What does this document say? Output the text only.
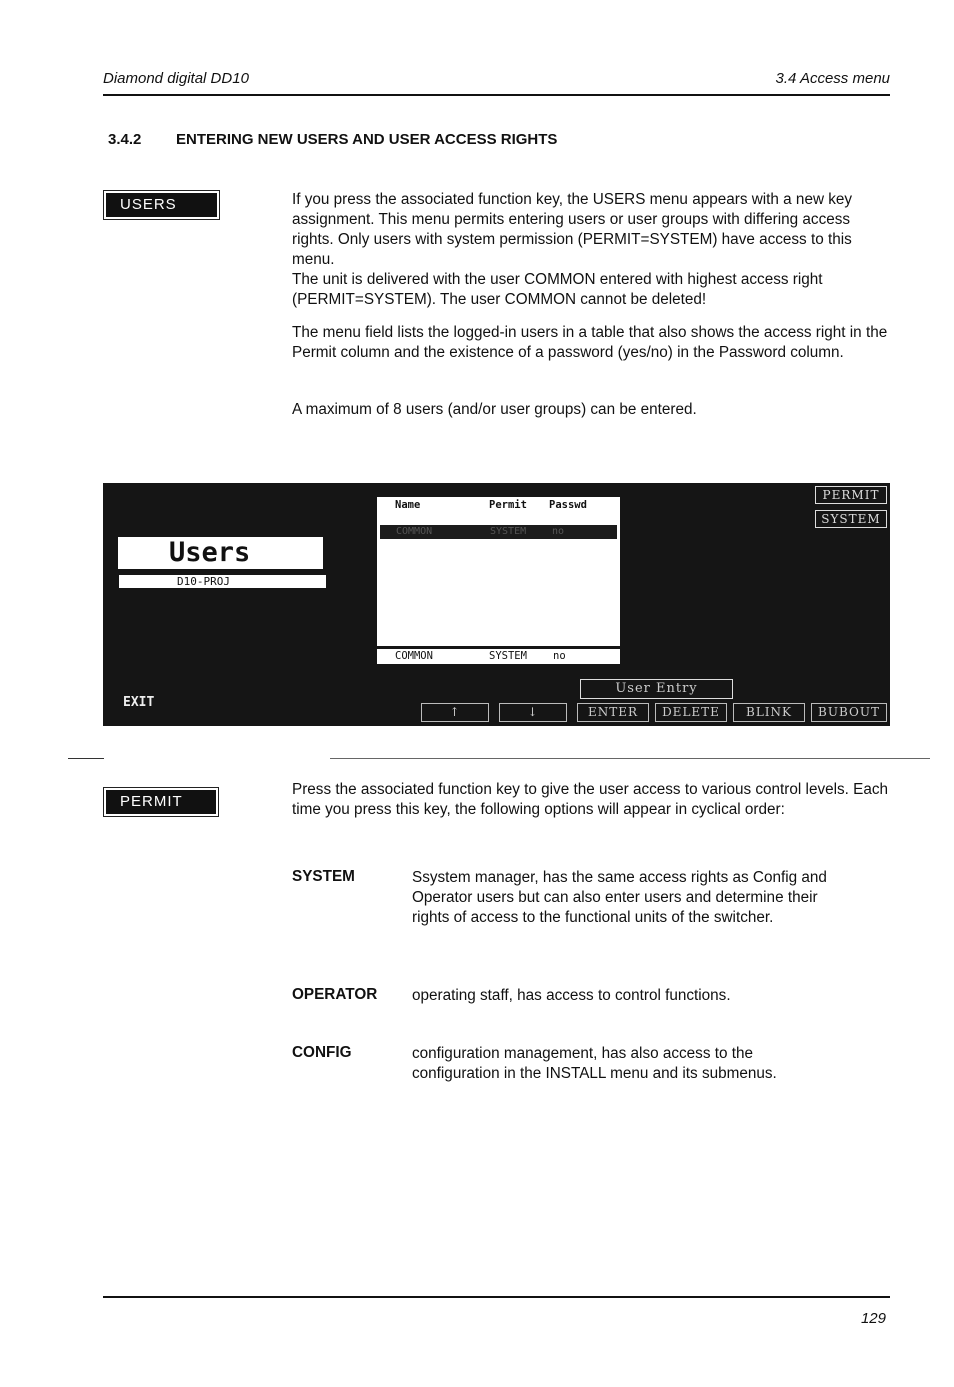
Diamond digital DD10	3.4 Access menu
3.4.2 ENTERING NEW USERS AND USER ACCESS RIGHTS
USERS	If you press the associated function key, the USERS menu appears with a new key assignment. This menu permits entering users or user groups with differing access rights. Only users with system permission (PERMIT=SYSTEM) have access to this menu.

The unit is delivered with the user COMMON entered with highest access right (PERMIT=SYSTEM). The user COMMON cannot be deleted!

The menu field lists the logged-in users in a table that also shows the access right in the Permit column and the existence of a password (yes/no) in the Password column.

A maximum of 8 users (and/or user groups) can be entered.

Users
D10-PROJ
Name	Permit Passwd
COMMON	SYSTEM	no
COMMON	SYSTEM no
PERMIT
SYSTEM
EXIT
User Entry
↑	↓	ENTER	DELETE	BLINK	BUBOUT
PERMIT

Press the associated function key to give the user access to various control levels. Each time you press this key, the following options will appear in cyclical order:

SYSTEM	Ssystem manager, has the same access rights as Config and Operator users but can also enter users and determine their rights of access to the functional units of the switcher.
OPERATOR operating staff, has access to control functions.
CONFIG	configuration management, has also access to the configuration in the INSTALL menu and its submenus.
129
